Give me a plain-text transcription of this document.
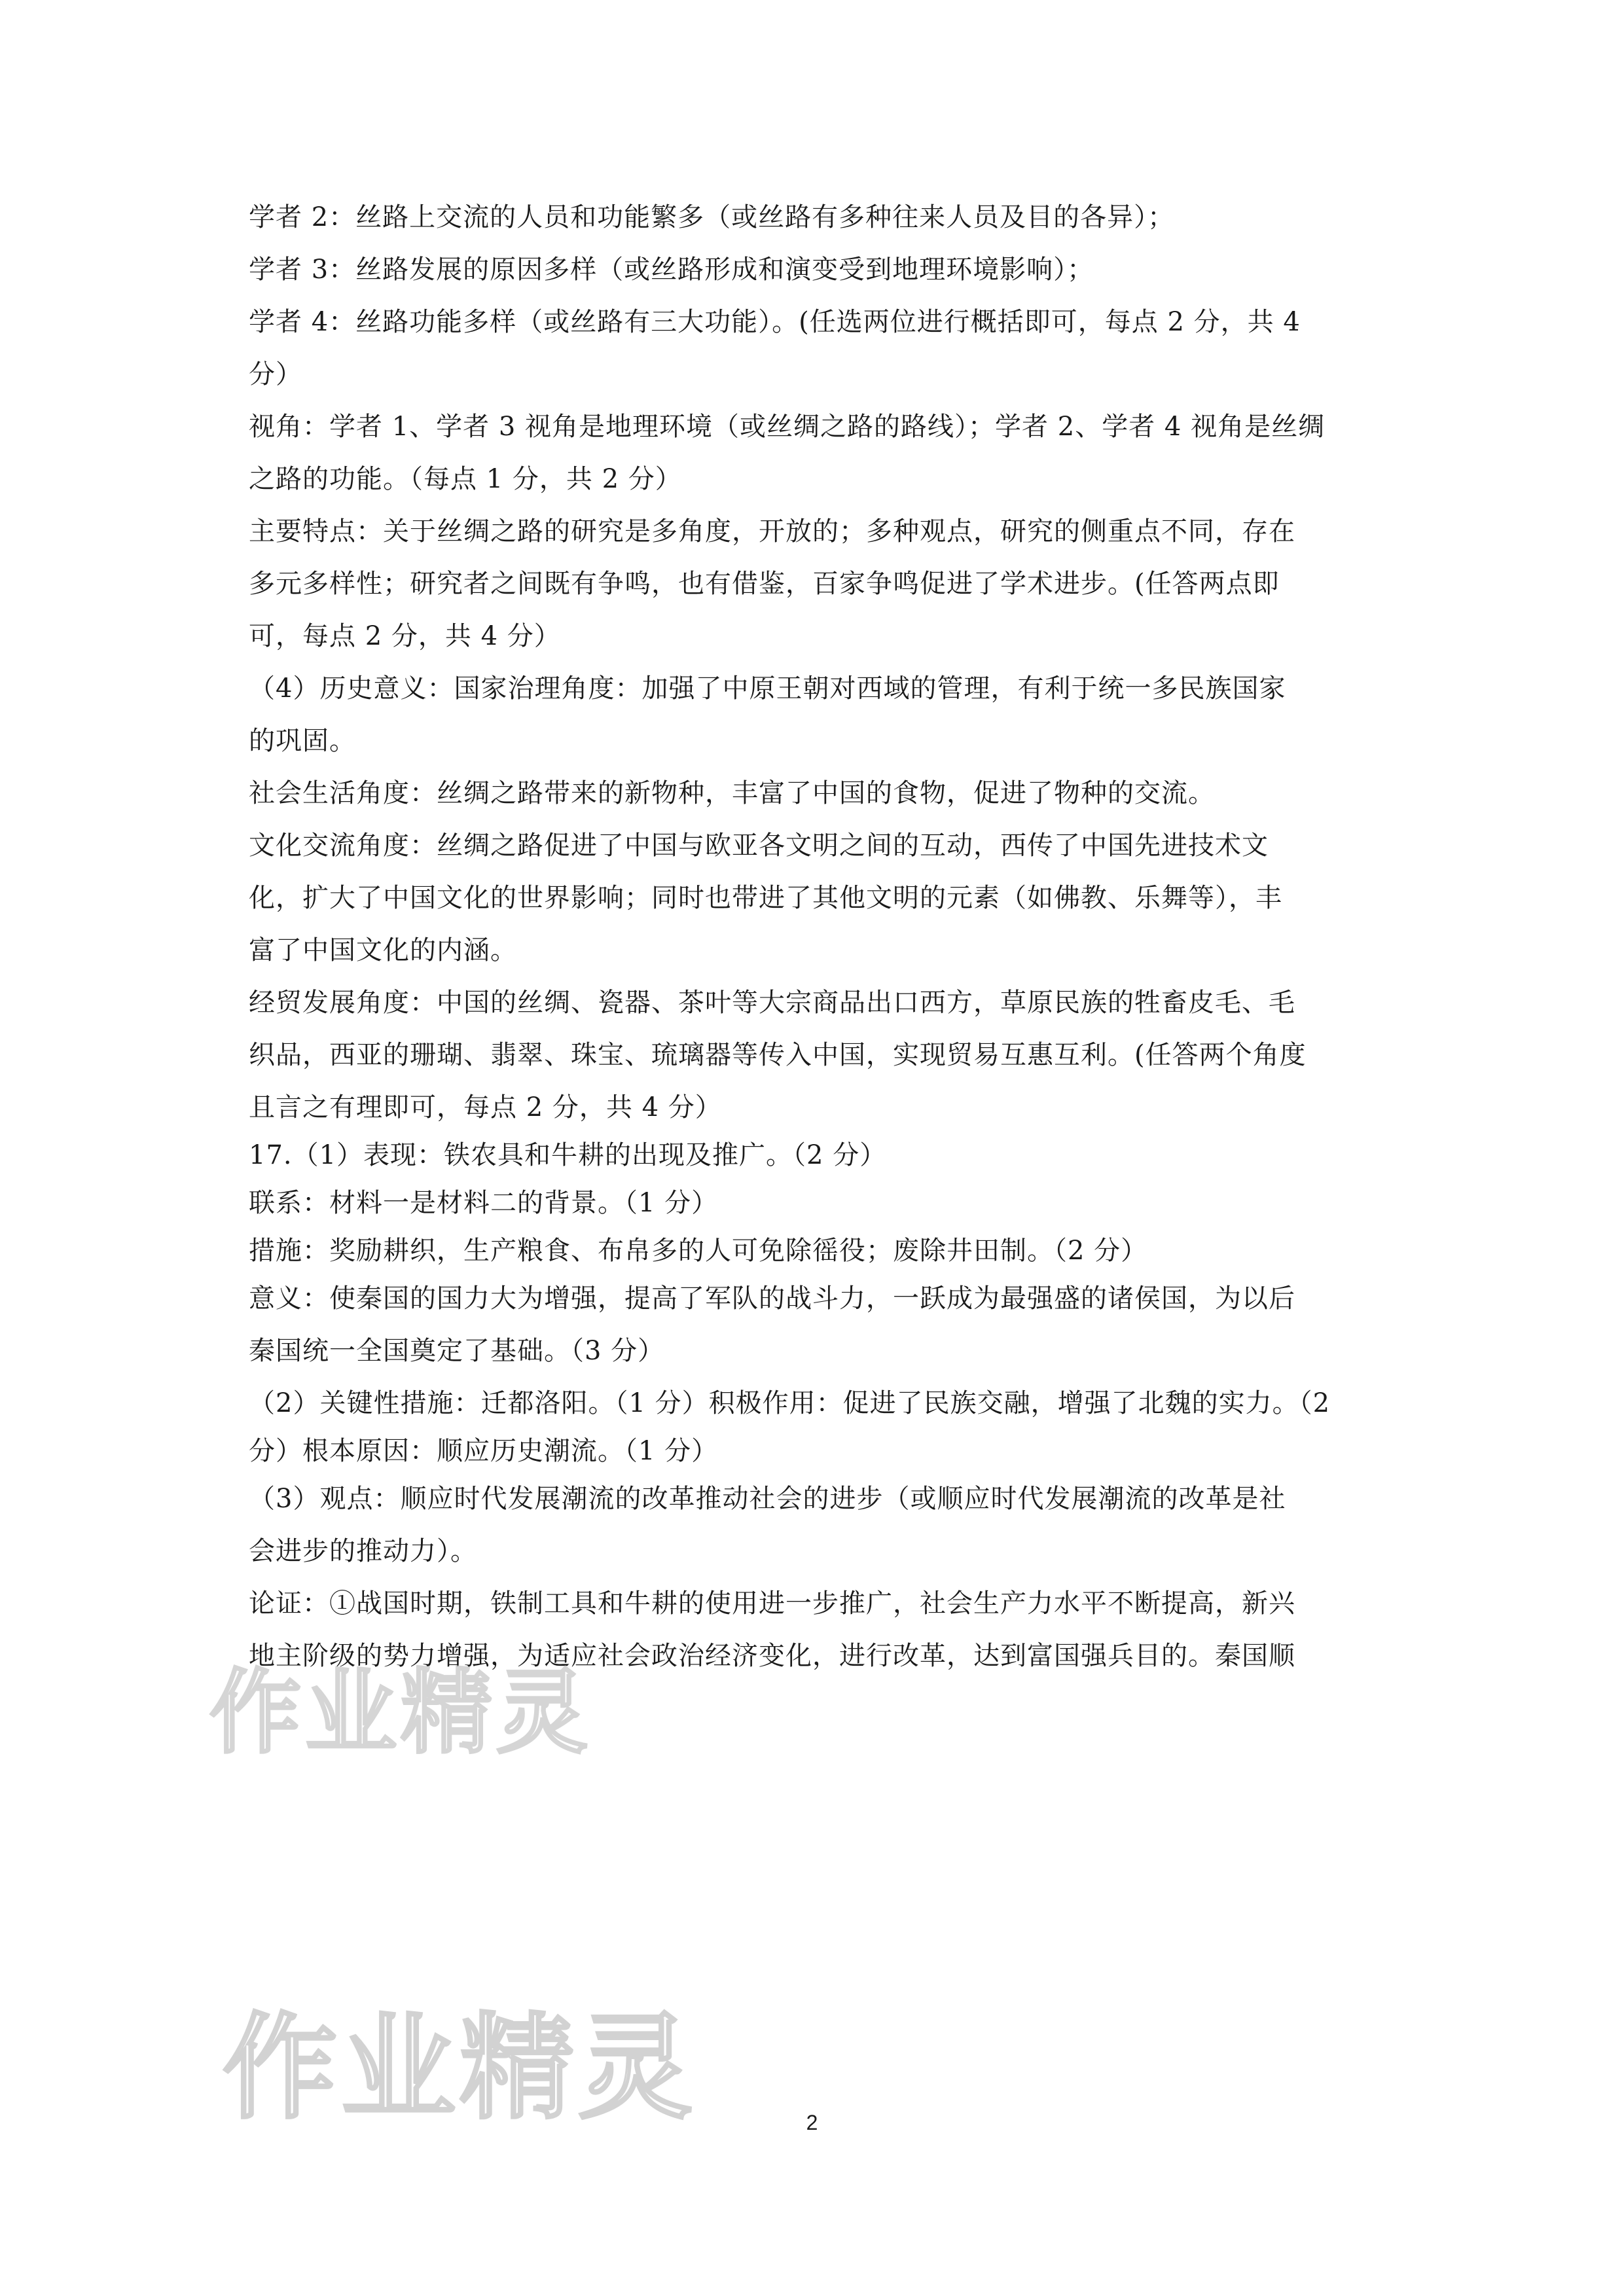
学者 2：丝路上交流的人员和功能繁多（或丝路有多种往来人员及目的各异）；
学者 3：丝路发展的原因多样（或丝路形成和演变受到地理环境影响）；
学者 4：丝路功能多样（或丝路有三大功能）。(任选两位进行概括即可，每点 2 分，共 4
分）
视角：学者 1、学者 3 视角是地理环境（或丝绸之路的路线）；学者 2、学者 4 视角是丝绸
之路的功能。（每点 1 分，共 2 分）
主要特点：关于丝绸之路的研究是多角度，开放的；多种观点，研究的侧重点不同，存在
多元多样性；研究者之间既有争鸣，也有借鉴，百家争鸣促进了学术进步。(任答两点即
可，每点 2 分，共 4 分）
（4）历史意义：国家治理角度：加强了中原王朝对西域的管理，有利于统一多民族国家
的巩固。
社会生活角度：丝绸之路带来的新物种，丰富了中国的食物，促进了物种的交流。
文化交流角度：丝绸之路促进了中国与欧亚各文明之间的互动，西传了中国先进技术文
化，扩大了中国文化的世界影响；同时也带进了其他文明的元素（如佛教、乐舞等），丰
富了中国文化的内涵。
经贸发展角度：中国的丝绸、瓷器、茶叶等大宗商品出口西方，草原民族的牲畜皮毛、毛
织品，西亚的珊瑚、翡翠、珠宝、琉璃器等传入中国，实现贸易互惠互利。(任答两个角度
且言之有理即可，每点 2 分，共 4 分）
17.（1）表现：铁农具和牛耕的出现及推广。（2 分）
联系：材料一是材料二的背景。（1 分）
措施：奖励耕织，生产粮食、布帛多的人可免除徭役；废除井田制。（2 分）
意义：使秦国的国力大为增强，提高了军队的战斗力，一跃成为最强盛的诸侯国，为以后
秦国统一全国奠定了基础。（3 分）
（2）关键性措施：迁都洛阳。（1 分）积极作用：促进了民族交融，增强了北魏的实力。（2
分）根本原因：顺应历史潮流。（1 分）
（3）观点：顺应时代发展潮流的改革推动社会的进步（或顺应时代发展潮流的改革是社
会进步的推动力）。
论证：①战国时期，铁制工具和牛耕的使用进一步推广，社会生产力水平不断提高，新兴
地主阶级的势力增强，为适应社会政治经济变化，进行改革，达到富国强兵目的。秦国顺
作业精灵
作业精灵	2
